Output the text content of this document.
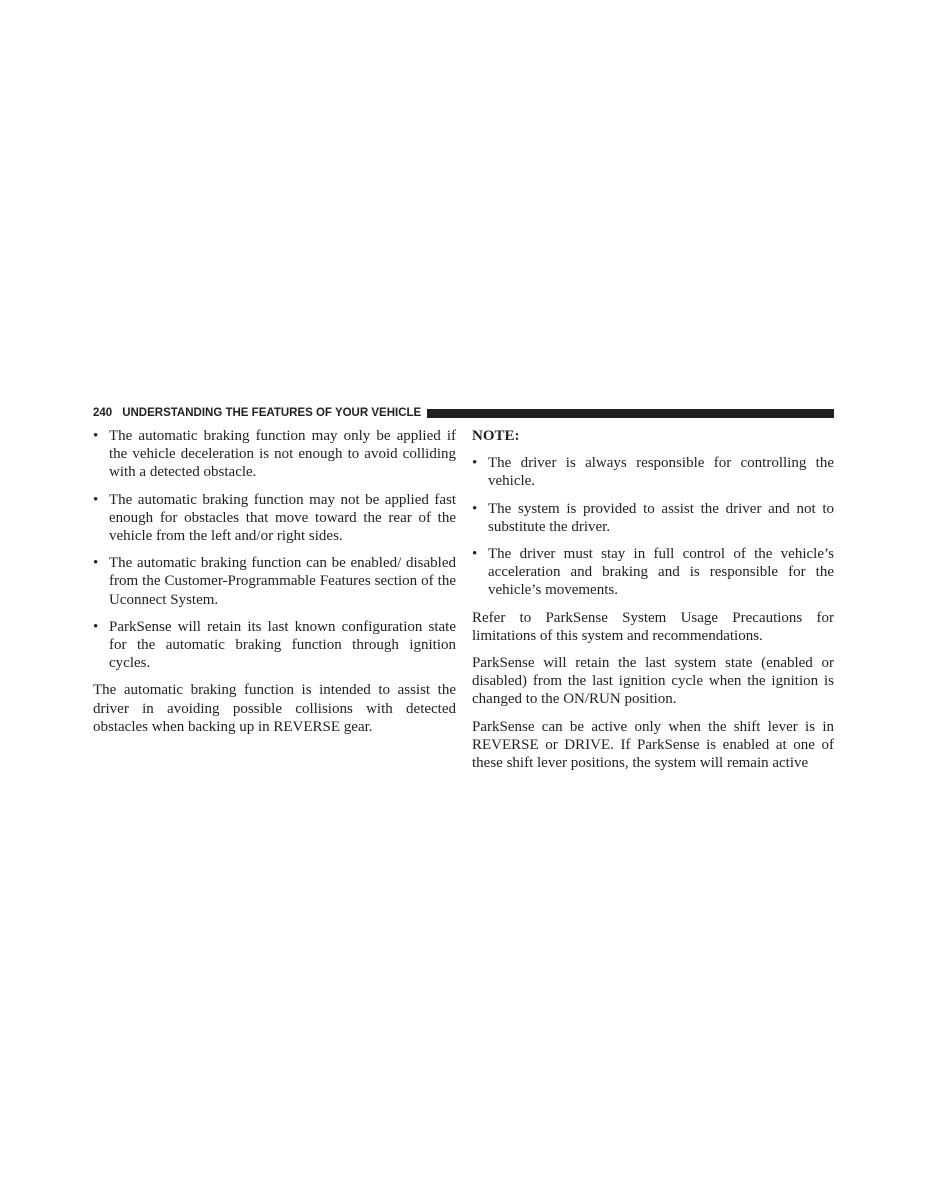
240 UNDERSTANDING THE FEATURES OF YOUR VEHICLE
• The automatic braking function may only be applied if the vehicle deceleration is not enough to avoid colliding with a detected obstacle.
• The automatic braking function may not be applied fast enough for obstacles that move toward the rear of the vehicle from the left and/or right sides.
• The automatic braking function can be enabled/ disabled from the Customer-Programmable Features section of the Uconnect System.
• ParkSense will retain its last known configuration state for the automatic braking function through ignition cycles.

The automatic braking function is intended to assist the driver in avoiding possible collisions with detected obstacles when backing up in REVERSE gear.

NOTE:
• The driver is always responsible for controlling the vehicle.
• The system is provided to assist the driver and not to substitute the driver.
• The driver must stay in full control of the vehicle’s acceleration and braking and is responsible for the vehicle’s movements.

Refer to ParkSense System Usage Precautions for limitations of this system and recommendations.

ParkSense will retain the last system state (enabled or disabled) from the last ignition cycle when the ignition is changed to the ON/RUN position.

ParkSense can be active only when the shift lever is in REVERSE or DRIVE. If ParkSense is enabled at one of these shift lever positions, the system will remain active
